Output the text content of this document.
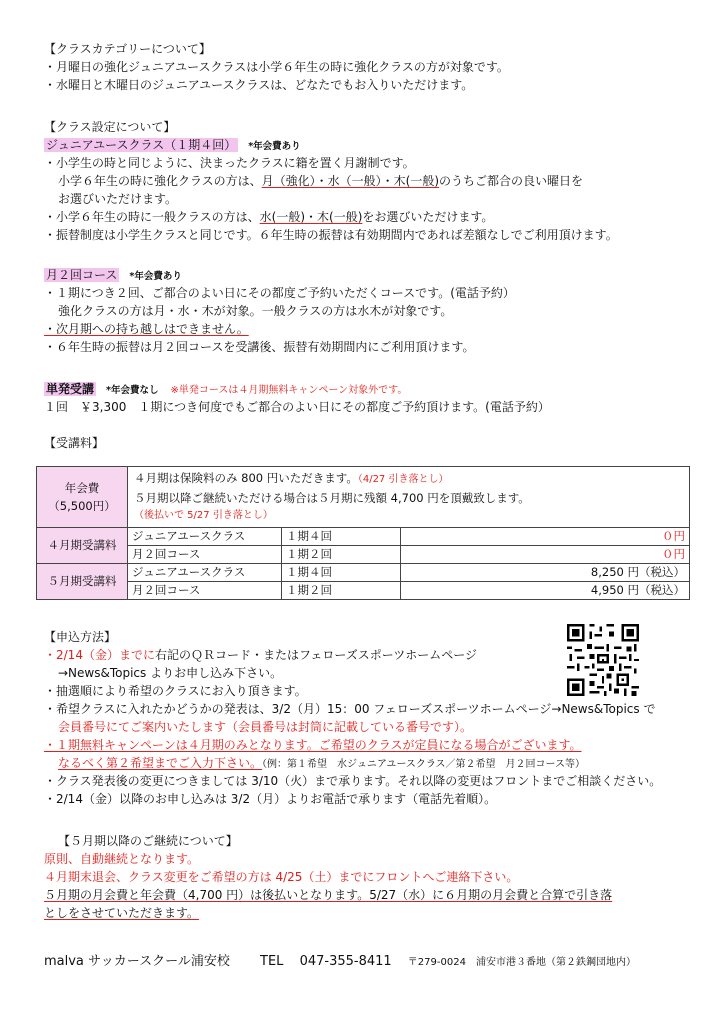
【クラスカテゴリーについて】
・月曜日の強化ジュニアユースクラスは小学６年生の時に強化クラスの方が対象です。
・水曜日と木曜日のジュニアユースクラスは、どなたでもお入りいただけます。
【クラス設定について】
ジュニアユースクラス（１期４回） *年会費あり
・小学生の時と同じように、決まったクラスに籍を置く月謝制です。
小学６年生の時に強化クラスの方は、月（強化）・水（一般）・木(一般)のうちご都合の良い曜日を
お選びいただけます。
・小学６年生の時に一般クラスの方は、水(一般)・木(一般)をお選びいただけます。
・振替制度は小学生クラスと同じです。６年生時の振替は有効期間内であれば差額なしでご利用頂けます。
月２回コース *年会費あり
・１期につき２回、ご都合のよい日にその都度ご予約いただくコースです。(電話予約）
強化クラスの方は月・水・木が対象。一般クラスの方は水木が対象です。
・次月期への持ち越しはできません。
・６年生時の振替は月２回コースを受講後、振替有効期間内にご利用頂けます。
単発受講 *年会費なし ※単発コースは４月期無料キャンペーン対象外です。
１回　￥3,300　１期につき何度でもご都合のよい日にその都度ご予約頂けます。(電話予約）
【受講料】
年会費
（5,500円）	４月期は保険料のみ 800 円いただきます。（4/27 引き落とし）
５月期以降ご継続いただける場合は５月期に残額 4,700 円を頂戴致します。
（後払いで 5/27 引き落とし）		

４月期受講料	ジュニアユースクラス	１期４回	０円
	月２回コース	１期２回	０円
５月期受講料	ジュニアユースクラス	１期４回	8,250 円（税込）
	月２回コース	１期２回	4,950 円（税込）
【申込方法】
・2/14（金）までに右記のＱＲコード・またはフェローズスポーツホームページ
→News&Topics よりお申し込み下さい。
・抽選順により希望のクラスにお入り頂きます。
・希望クラスに入れたかどうかの発表は、3/2（月）15：00 フェローズスポーツホームページ→News&Topics で
会員番号にてご案内いたします（会員番号は封筒に記載している番号です）。
・１期無料キャンペーンは４月期のみとなります。ご希望のクラスが定員になる場合がございます。
なるべく第２希望までご入力下さい。（例：第１希望　水ジュニアユースクラス／第２希望　月２回コース等）
・クラス発表後の変更につきましては 3/10（火）まで承ります。それ以降の変更はフロントまでご相談ください。
・2/14（金）以降のお申し込みは 3/2（月）よりお電話で承ります（電話先着順）。
【５月期以降のご継続について】
原則、自動継続となります。
４月期末退会、クラス変更をご希望の方は 4/25（土）までにフロントへご連絡下さい。
５月期の月会費と年会費（4,700 円）は後払いとなります。5/27（水）に６月期の月会費と合算で引き落
としをさせていただきます。
malva サッカースクール浦安校 TEL 047-355-8411 〒279-0024　浦安市港３番地（第２鉄鋼団地内）
